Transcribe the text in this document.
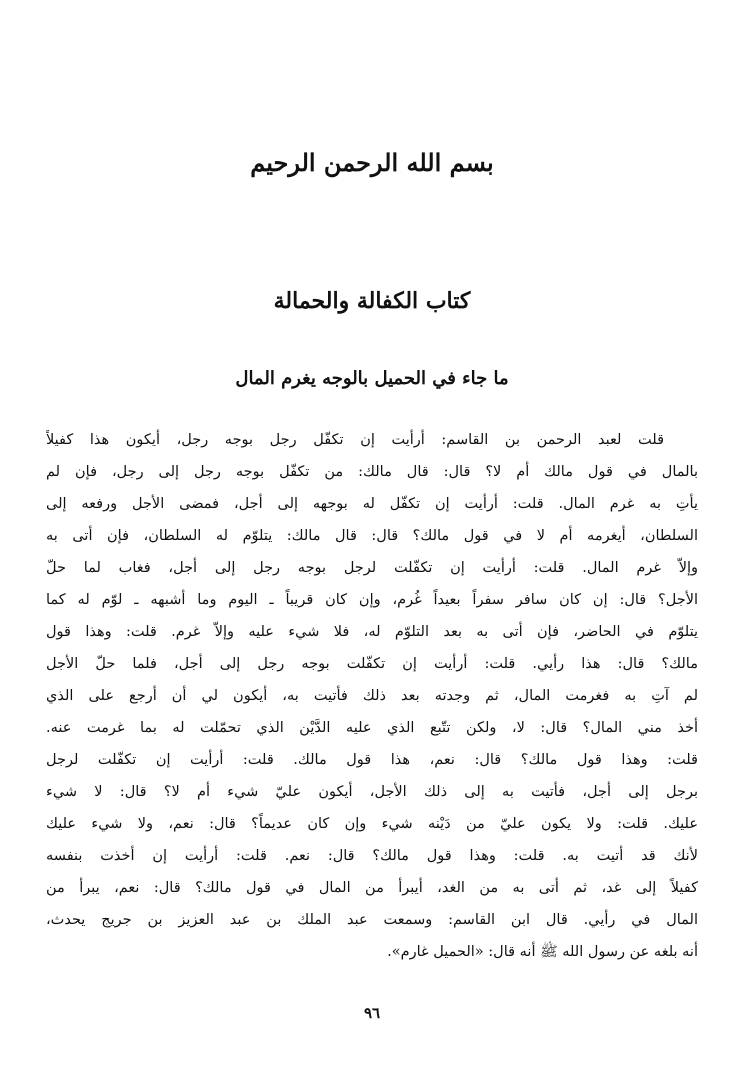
بسم الله الرحمن الرحيم
كتاب الكفالة والحمالة
ما جاء في الحميل بالوجه يغرم المال
قلت لعبد الرحمن بن القاسم: أرأيت إن تكفّل رجل بوجه رجل، أيكون هذا كفيلاً
بالمال في قول مالك أم لا؟ قال: قال مالك: من تكفّل بوجه رجل إلى رجل، فإن لم
يأتِ به غرم المال. قلت: أرأيت إن تكفّل له بوجهه إلى أجل، فمضى الأجل ورفعه إلى
السلطان، أيغرمه أم لا في قول مالك؟ قال: قال مالك: يتلوّم له السلطان، فإن أتى به
وإلاّ غرم المال. قلت: أرأيت إن تكفّلت لرجل بوجه رجل إلى أجل، فغاب لما حلّ
الأجل؟ قال: إن كان سافر سفراً بعيداً غُرم، وإن كان قريباً ـ اليوم وما أشبهه ـ لوّم له كما
يتلوّم في الحاضر، فإن أتى به بعد التلوّم له، فلا شيء عليه وإلاّ غرم. قلت: وهذا قول
مالك؟ قال: هذا رأيي. قلت: أرأيت إن تكفّلت بوجه رجل إلى أجل، فلما حلّ الأجل
لم آتِ به فغرمت المال، ثم وجدته بعد ذلك فأتيت به، أيكون لي أن أرجع على الذي
أخذ مني المال؟ قال: لا، ولكن تتّبع الذي عليه الدَّيْن الذي تحمّلت له بما غرمت عنه.
قلت: وهذا قول مالك؟ قال: نعم، هذا قول مالك. قلت: أرأيت إن تكفّلت لرجل
برجل إلى أجل، فأتيت به إلى ذلك الأجل، أيكون عليّ شيء أم لا؟ قال: لا شيء
عليك. قلت: ولا يكون عليّ من دَيْنه شيء وإن كان عديماً؟ قال: نعم، ولا شيء عليك
لأنك قد أتيت به. قلت: وهذا قول مالك؟ قال: نعم. قلت: أرأيت إن أخذت بنفسه
كفيلاً إلى غد، ثم أتى به من الغد، أيبرأ من المال في قول مالك؟ قال: نعم، يبرأ من
المال في رأيي. قال ابن القاسم: وسمعت عبد الملك بن عبد العزيز بن جريج يحدث،
أنه بلغه عن رسول الله ﷺ أنه قال: «الحميل غارم».
٩٦
